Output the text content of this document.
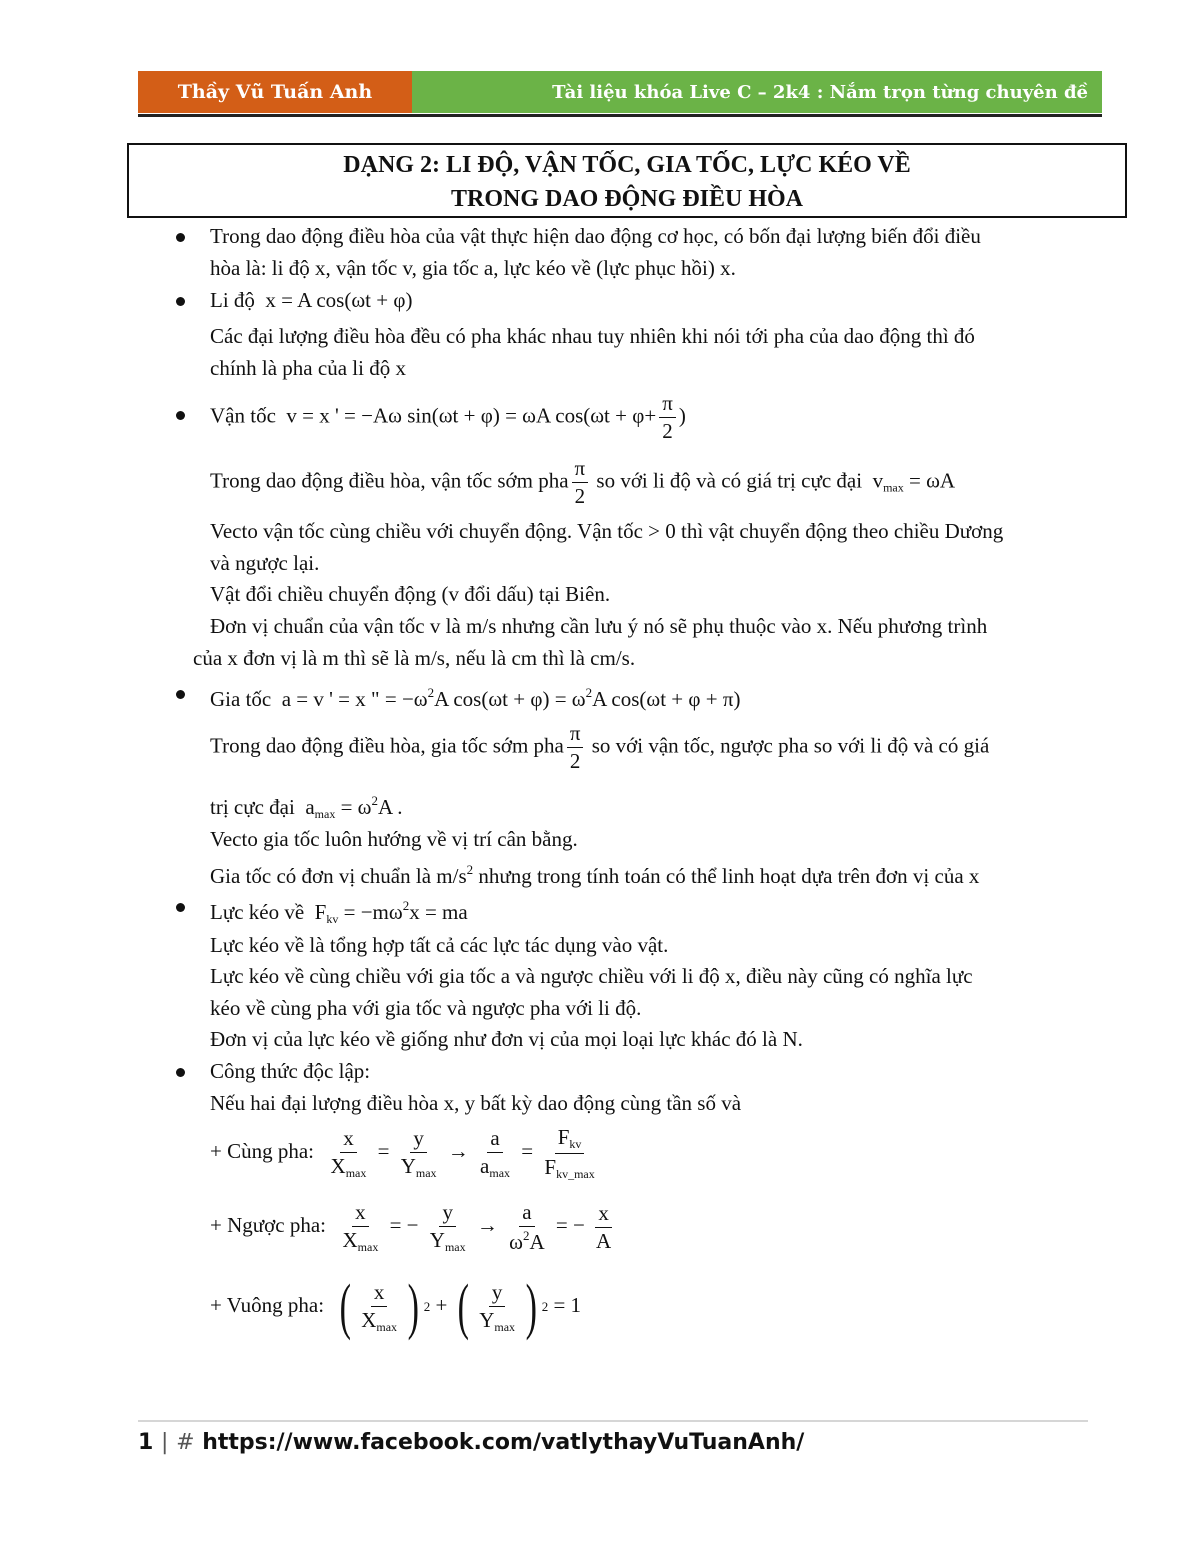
Thầy Vũ Tuấn Anh	Tài liệu khóa Live C – 2k4 : Nắm trọn từng chuyên đề
DẠNG 2: LI ĐỘ, VẬN TỐC, GIA TỐC, LỰC KÉO VỀ
TRONG DAO ĐỘNG ĐIỀU HÒA
Trong dao động điều hòa của vật thực hiện dao động cơ học, có bốn đại lượng biến đổi điều
hòa là: li độ x, vận tốc v, gia tốc a, lực kéo về (lực phục hồi) x.
Li độ x = A cos(ωt + φ)
Các đại lượng điều hòa đều có pha khác nhau tuy nhiên khi nói tới pha của dao động thì đó
chính là pha của li độ x
Vận tốc v = x ' = −Aω sin(ωt + φ) = ωA $\cos(\omega t + \varphi+ \frac{\pi}{2}$ )
Trong dao động điều hòa, vận tốc sớm pha $\frac{\pi}{2}$ so với li độ và có giá trị cực đại $v_{max} = \omega A$
Vecto vận tốc cùng chiều với chuyển động. Vận tốc > 0 thì vật chuyển động theo chiều Dương
và ngược lại.
Vật đổi chiều chuyển động (v đổi dấu) tại Biên.
Đơn vị chuẩn của vận tốc v là m/s nhưng cần lưu ý nó sẽ phụ thuộc vào x. Nếu phương trình
của x đơn vị là m thì sẽ là m/s, nếu là cm thì là cm/s.
Gia tốc a = v ' = x " = $-\omega^2A$ $\cos(\omega t + \varphi) = \omega^2A$ cos(ωt + φ + π)
Trong dao động điều hòa, gia tốc sớm pha $\frac{\pi}{2}$ so với vận tốc, ngược pha so với li độ và có giá
trị cực đại $a_{max} = \omega^2A$ .
Vecto gia tốc luôn hướng về vị trí cân bằng.
Gia tốc có đơn vị chuẩn là $m/s^2$ nhưng trong tính toán có thể linh hoạt dựa trên đơn vị của x
Lực kéo về $F_{kv} = -m\omega^2x$ = ma
Lực kéo về là tổng hợp tất cả các lực tác dụng vào vật.
Lực kéo về cùng chiều với gia tốc a và ngược chiều với li độ x, điều này cũng có nghĩa lực
kéo về cùng pha với gia tốc và ngược pha với li độ.
Đơn vị của lực kéo về giống như đơn vị của mọi loại lực khác đó là N.
Công thức độc lập:
Nếu hai đại lượng điều hòa x, y bất kỳ dao động cùng tần số và
+ Cùng pha: $\frac{x}{X_{max}} = \frac{y}{Y_{max}} \to \frac{a}{a_{max}} = \frac{F_{kv}}{F_{kv\_max}}$
+ Ngược pha: $\frac{x}{X_{max}}$ = − $\frac{y}{Y_{max}} \to \frac{a}{\omega^2A}$ = − $\frac{x}{A}$
+ Vuông pha: ( $\frac{x}{X_{max}}$ ) 2 + ( $\frac{y}{Y_{max}}$ ) 2 = 1
1 | # https://www.facebook.com/vatlythayVuTuanAnh/
